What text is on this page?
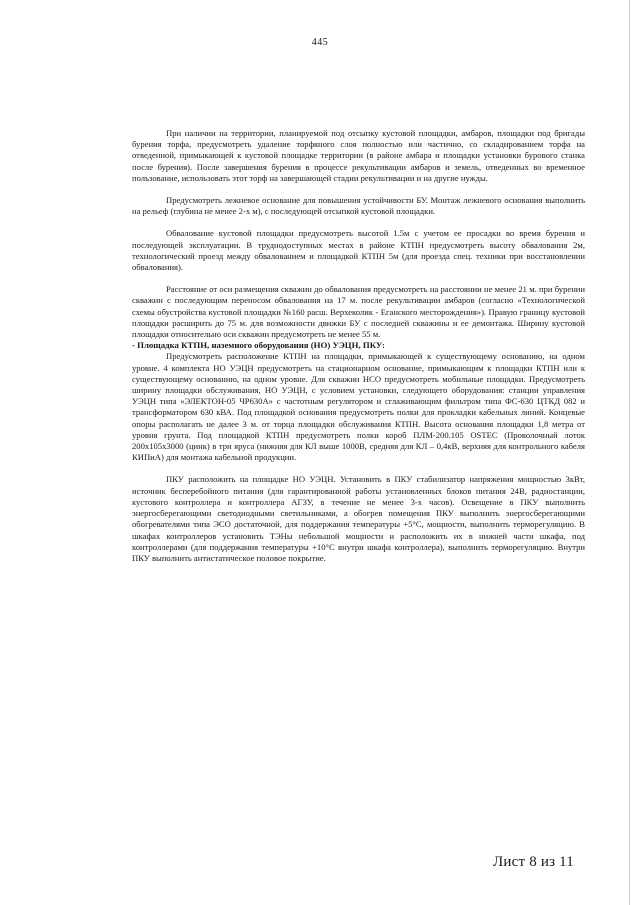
445

При наличии на территории, планируемой под отсыпку кустовой площадки, амбаров, площадки под бригады бурения торфа, предусмотреть удаление торфяного слоя полностью или частично, со складированием торфа на отведенной, примыкающей к кустовой площадке территории (в районе амбара и площадки установки бурового станка после бурения). После завершения бурения в процессе рекультивации амбаров и земель, отведенных во временное пользование, использовать этот торф на завершающей стадии рекультивации и на другие нужды.

Предусмотреть лежневое основание для повышения устойчивости БУ. Монтаж лежневого основания выполнить на рельеф (глубина не менее 2-х м), с последующей отсыпкой кустовой площадки.

Обвалование кустовой площадки предусмотреть высотой 1.5м с учетом ее просадки во время бурения и последующей эксплуатации. В труднодоступных местах в районе КТПН предусмотреть высоту обвалования 2м, технологический проезд между обвалованием и площадкой КТПН 5м (для проезда спец. техники при восстановлении обвалования).

Расстояние от оси размещения скважин до обвалования предусмотреть на расстоянии не менее 21 м. при бурении скважин с последующим переносом обвалования на 17 м. после рекультивации амбаров (согласно «Технологической схемы обустройства кустовой площадки №160 расш. Верхеколик - Еганского месторождения»). Правую границу кустовой площадки расширить до 75 м. для возможности движки БУ с последней скважины и ее демонтажа. Ширину кустовой площадки относительно оси скважин предусмотреть не менее 55 м.

- Площадка КТПН, наземного оборудования (НО) УЭЦН, ПКУ:

Предусмотреть расположение КТПН на площадки, примыкающей к существующему основанию, на одном уровне. 4 комплекта НО УЭЦН предусмотреть на стационарном основание, примыкающим к площадки КТПН или к существующему основанию, на одном уровне. Для скважин НСО предусмотреть мобильные площадки. Предусмотреть ширину площадки обслуживания, НО УЭЦН, с условием установки, следующего оборудования: станции управления УЭЦН типа «ЭЛЕКТОН-05 ЧР630А» с частотным регулятором и сглаживающим фильтром типа ФС-630 ЦТКД 082 и трансформатором 630 кВА. Под площадкой основания предусмотреть полки для прокладки кабельных линий. Концевые опоры располагать не далее 3 м. от торца площадки обслуживания КТПН. Высота основания площадки 1,8 метра от уровня грунта. Под площадкой КТПН предусмотреть полки короб ПЛМ-200.105 OSTEC (Проволочный лоток 200х105х3000 (цинк) в три яруса (нижняя для КЛ выше 1000В, средняя для КЛ – 0,4кВ, верхняя для контрольного кабеля КИПиА) для монтажа кабельной продукции.

ПКУ расположить на площадке НО УЭЦН. Установить в ПКУ стабилизатор напряжения мощностью 3кВт, источник бесперебойного питания (для гарантированной работы установленных блоков питания 24В, радиостанции, кустового контроллера и контроллера АГЗУ, в течение не менее 3-х часов). Освещение в ПКУ выполнить энергосберегающими светодиодными светильниками, а обогрев помещения ПКУ выполнить энергосберегающими обогревателями типа ЭСО достаточной, для поддержания температуры +5°С, мощности, выполнить терморегуляцию. В шкафах контроллеров установить ТЭНы небольшой мощности и расположить их в нижней части шкафа, под контроллерами (для поддержания температуры +10°С внутри шкафа контроллера), выполнить терморегуляцию. Внутри ПКУ выполнить антистатическое половое покрытие.

Лист 8 из 11
